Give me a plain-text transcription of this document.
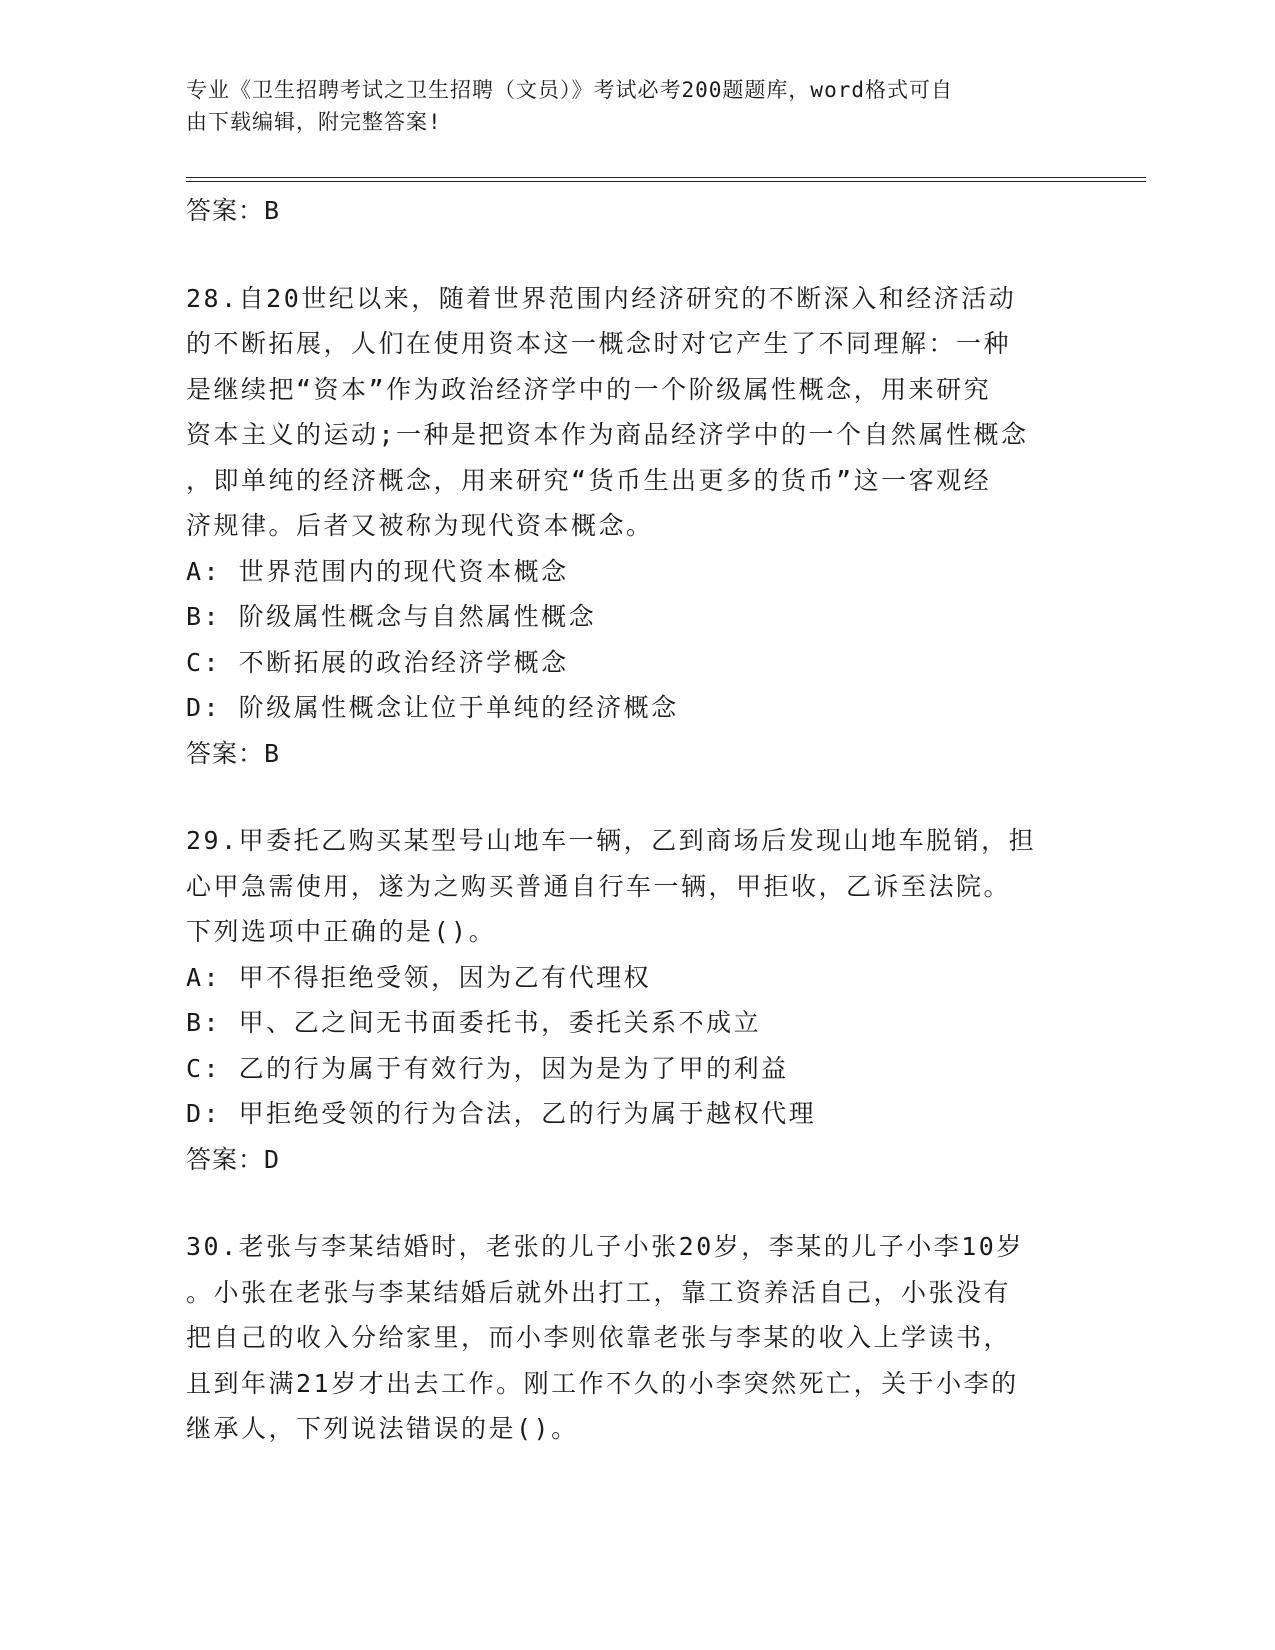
专业《卫生招聘考试之卫生招聘（文员）》考试必考200题题库，word格式可自

由下载编辑，附完整答案!

答案：B

28.自20世纪以来，随着世界范围内经济研究的不断深入和经济活动

的不断拓展，人们在使用资本这一概念时对它产生了不同理解：一种

是继续把“资本”作为政治经济学中的一个阶级属性概念，用来研究

资本主义的运动;一种是把资本作为商品经济学中的一个自然属性概念

，即单纯的经济概念，用来研究“货币生出更多的货币”这一客观经

济规律。后者又被称为现代资本概念。

A: 世界范围内的现代资本概念

B: 阶级属性概念与自然属性概念

C: 不断拓展的政治经济学概念

D: 阶级属性概念让位于单纯的经济概念

答案：B

29.甲委托乙购买某型号山地车一辆，乙到商场后发现山地车脱销，担

心甲急需使用，遂为之购买普通自行车一辆，甲拒收，乙诉至法院。

下列选项中正确的是()。

A: 甲不得拒绝受领，因为乙有代理权

B: 甲、乙之间无书面委托书，委托关系不成立

C: 乙的行为属于有效行为，因为是为了甲的利益

D: 甲拒绝受领的行为合法，乙的行为属于越权代理

答案：D

30.老张与李某结婚时，老张的儿子小张20岁，李某的儿子小李10岁

。小张在老张与李某结婚后就外出打工，靠工资养活自己，小张没有

把自己的收入分给家里，而小李则依靠老张与李某的收入上学读书，

且到年满21岁才出去工作。刚工作不久的小李突然死亡，关于小李的

继承人，下列说法错误的是()。
